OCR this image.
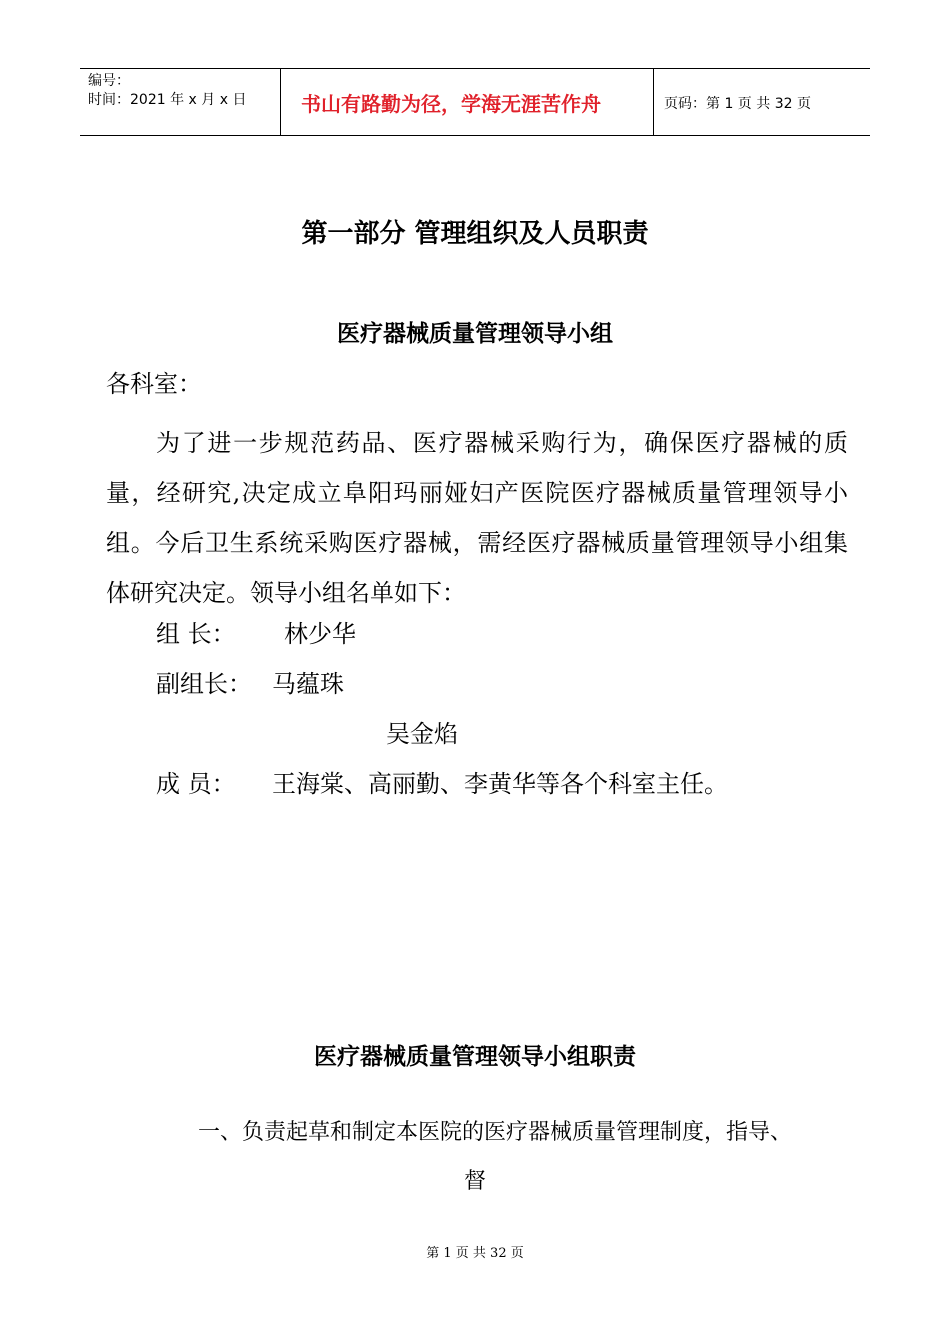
编号：
时间：2021 年 x 月 x 日	书山有路勤为径，学海无涯苦作舟	页码：第 1 页 共 32 页
第一部分 管理组织及人员职责
医疗器械质量管理领导小组
各科室：
为了进一步规范药品、医疗器械采购行为，确保医疗器械的质量，经研究,决定成立阜阳玛丽娅妇产医院医疗器械质量管理领导小组。今后卫生系统采购医疗器械，需经医疗器械质量管理领导小组集体研究决定。领导小组名单如下：
组 长： 林少华
副组长： 马蕴珠
吴金焰
成 员： 王海棠、高丽勤、李黄华等各个科室主任。
医疗器械质量管理领导小组职责
一、负责起草和制定本医院的医疗器械质量管理制度，指导、
督
第 1 页 共 32 页
